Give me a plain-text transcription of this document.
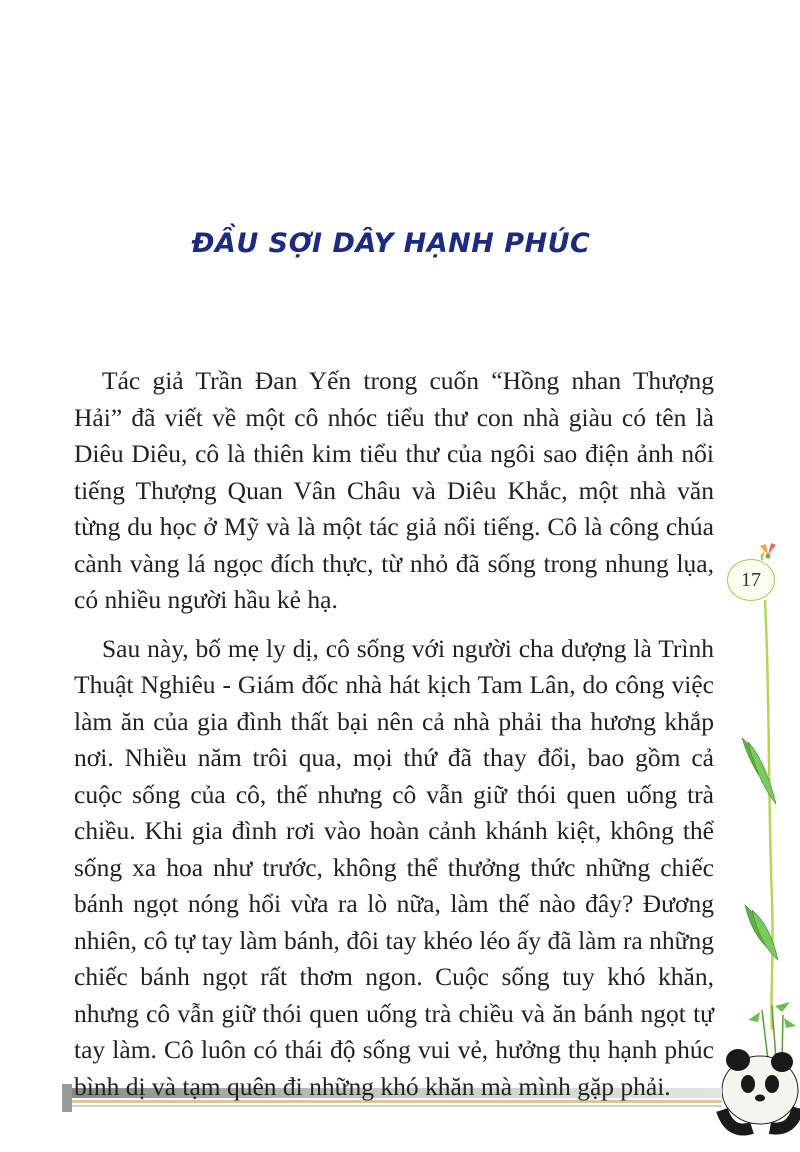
ĐẦU SỢI DÂY HẠNH PHÚC

Tác giả Trần Đan Yến trong cuốn “Hồng nhan Thượng Hải” đã viết về một cô nhóc tiểu thư con nhà giàu có tên là Diêu Diêu, cô là thiên kim tiểu thư của ngôi sao điện ảnh nổi tiếng Thượng Quan Vân Châu và Diêu Khắc, một nhà văn từng du học ở Mỹ và là một tác giả nổi tiếng. Cô là công chúa cành vàng lá ngọc đích thực, từ nhỏ đã sống trong nhung lụa, có nhiều người hầu kẻ hạ.

Sau này, bố mẹ ly dị, cô sống với người cha dượng là Trình Thuật Nghiêu - Giám đốc nhà hát kịch Tam Lân, do công việc làm ăn của gia đình thất bại nên cả nhà phải tha hương khắp nơi. Nhiều năm trôi qua, mọi thứ đã thay đổi, bao gồm cả cuộc sống của cô, thế nhưng cô vẫn giữ thói quen uống trà chiều. Khi gia đình rơi vào hoàn cảnh khánh kiệt, không thể sống xa hoa như trước, không thể thưởng thức những chiếc bánh ngọt nóng hổi vừa ra lò nữa, làm thế nào đây? Đương nhiên, cô tự tay làm bánh, đôi tay khéo léo ấy đã làm ra những chiếc bánh ngọt rất thơm ngon. Cuộc sống tuy khó khăn, nhưng cô vẫn giữ thói quen uống trà chiều và ăn bánh ngọt tự tay làm. Cô luôn có thái độ sống vui vẻ, hưởng thụ hạnh phúc bình dị và tạm quên đi những khó khăn mà mình gặp phải.

17
